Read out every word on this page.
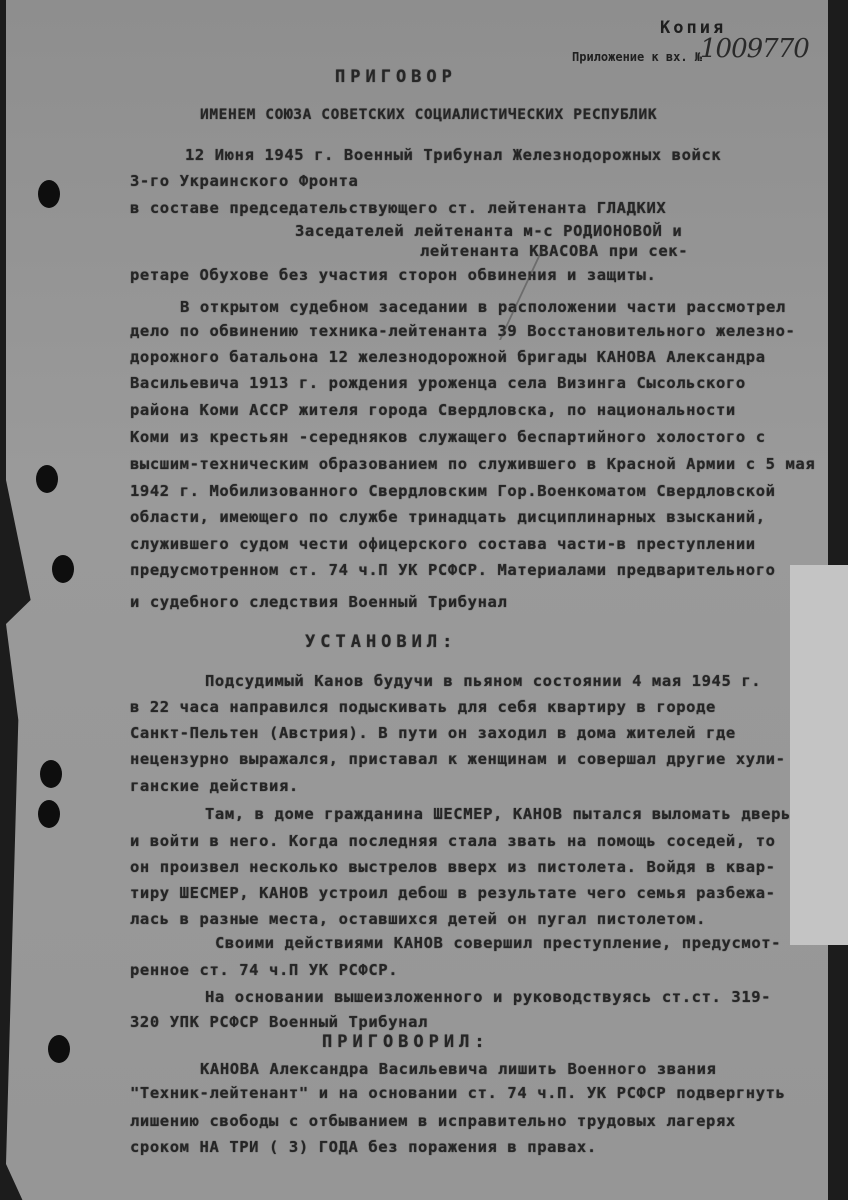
Копия
Приложение к вх. №
1009770
ПРИГОВОР
ИМЕНЕМ СОЮЗА СОВЕТСКИХ СОЦИАЛИСТИЧЕСКИХ РЕСПУБЛИК
12 Июня 1945 г. Военный Трибунал Железнодорожных войск
3-го Украинского Фронта
в составе председательствующего ст. лейтенанта ГЛАДКИХ
Заседателей лейтенанта м-с РОДИОНОВОЙ и
лейтенанта КВАСОВА при сек-
ретаре Обухове без участия сторон обвинения и защиты.
В открытом судебном заседании в расположении части рассмотрел
дело по обвинению техника-лейтенанта 39 Восстановительного железно-
дорожного батальона 12 железнодорожной бригады КАНОВА Александра
Васильевича 1913 г. рождения уроженца села Визинга Сысольского
района Коми АССР жителя города Свердловска, по национальности
Коми из крестьян -середняков служащего беспартийного холостого с
высшим-техническим образованием по служившего в Красной Армии с 5 мая
1942 г. Мобилизованного Свердловским Гор.Военкоматом Свердловской
области, имеющего по службе тринадцать дисциплинарных взысканий,
служившего судом чести офицерского состава части-в преступлении
предусмотренном ст. 74 ч.П УК РСФСР. Материалами предварительного
и судебного следствия Военный Трибунал
УСТАНОВИЛ:
Подсудимый Канов будучи в пьяном состоянии 4 мая 1945 г.
в 22 часа направился подыскивать для себя квартиру в городе
Санкт-Пельтен (Австрия). В пути он заходил в дома жителей где
нецензурно выражался, приставал к женщинам и совершал другие хули-
ганские действия.
Там, в доме гражданина ШЕСМЕР, КАНОВ пытался выломать дверь
и войти в него. Когда последняя стала звать на помощь соседей, то
он произвел несколько выстрелов вверх из пистолета. Войдя в квар-
тиру ШЕСМЕР, КАНОВ устроил дебош в результате чего семья разбежа-
лась в разные места, оставшихся детей он пугал пистолетом.
Своими действиями КАНОВ совершил преступление, предусмот-
ренное ст. 74 ч.П УК РСФСР.
На основании вышеизложенного и руководствуясь ст.ст. 319-
320 УПК РСФСР Военный Трибунал
ПРИГОВОРИЛ:
КАНОВА Александра Васильевича лишить Военного звания
"Техник-лейтенант" и на основании ст. 74 ч.П. УК РСФСР подвергнуть
лишению свободы с отбыванием в исправительно трудовых лагерях
сроком НА ТРИ ( 3) ГОДА без поражения в правах.
